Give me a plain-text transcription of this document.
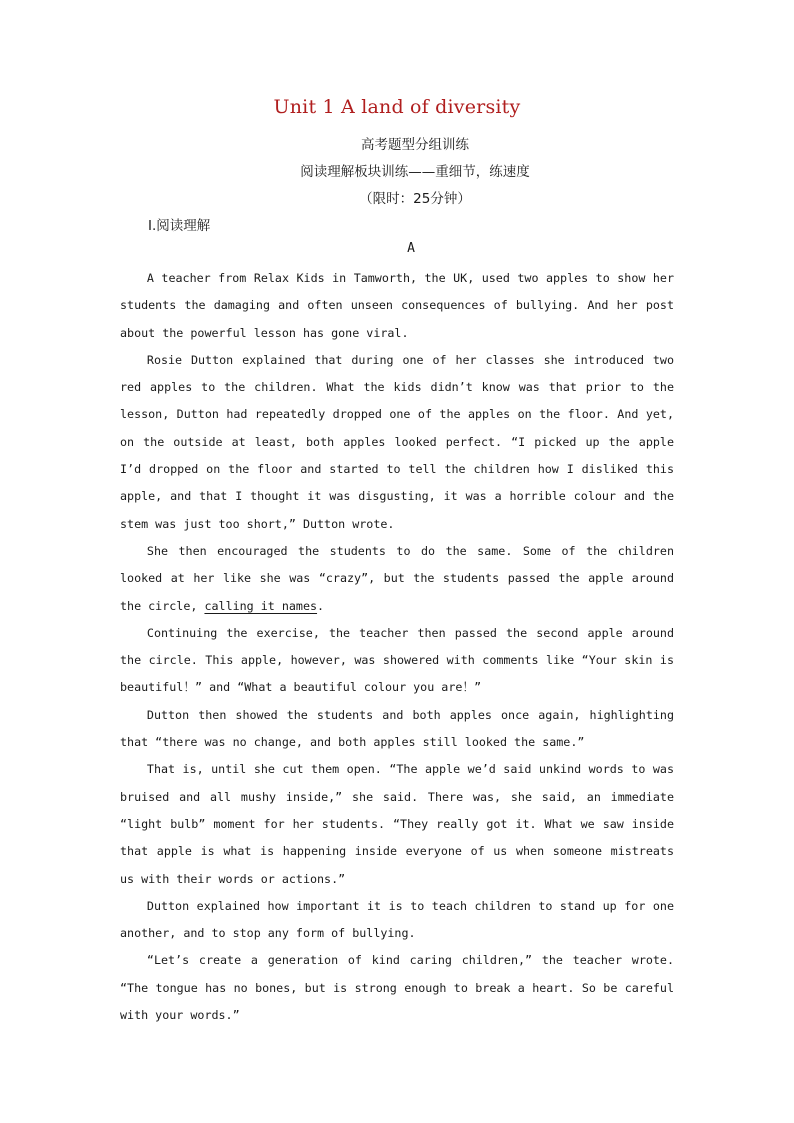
Unit 1 A land of diversity
高考题型分组训练
阅读理解板块训练——重细节，练速度
（限时：25分钟）
Ⅰ.阅读理解
A

A teacher from Relax Kids in Tamworth, the UK, used two apples to show her students the damaging and often unseen consequences of bullying. And her post about the powerful lesson has gone viral.

Rosie Dutton explained that during one of her classes she introduced two red apples to the children. What the kids didn’t know was that prior to the lesson, Dutton had repeatedly dropped one of the apples on the floor. And yet, on the outside at least, both apples looked perfect. “I picked up the apple I’d dropped on the floor and started to tell the children how I disliked this apple, and that I thought it was disgusting, it was a horrible colour and the stem was just too short,” Dutton wrote.

She then encouraged the students to do the same. Some of the children looked at her like she was “crazy”, but the students passed the apple around the circle, calling it names.

Continuing the exercise, the teacher then passed the second apple around the circle. This apple, however, was showered with comments like “Your skin is beautiful！” and “What a beautiful colour you are！”

Dutton then showed the students and both apples once again, highlighting that “there was no change, and both apples still looked the same.”

That is, until she cut them open. “The apple we’d said unkind words to was bruised and all mushy inside,” she said. There was, she said, an immediate “light bulb” moment for her students. “They really got it. What we saw inside that apple is what is happening inside everyone of us when someone mistreats us with their words or actions.”

Dutton explained how important it is to teach children to stand up for one another, and to stop any form of bullying.

“Let’s create a generation of kind caring children,” the teacher wrote. “The tongue has no bones, but is strong enough to break a heart. So be careful with your words.”
